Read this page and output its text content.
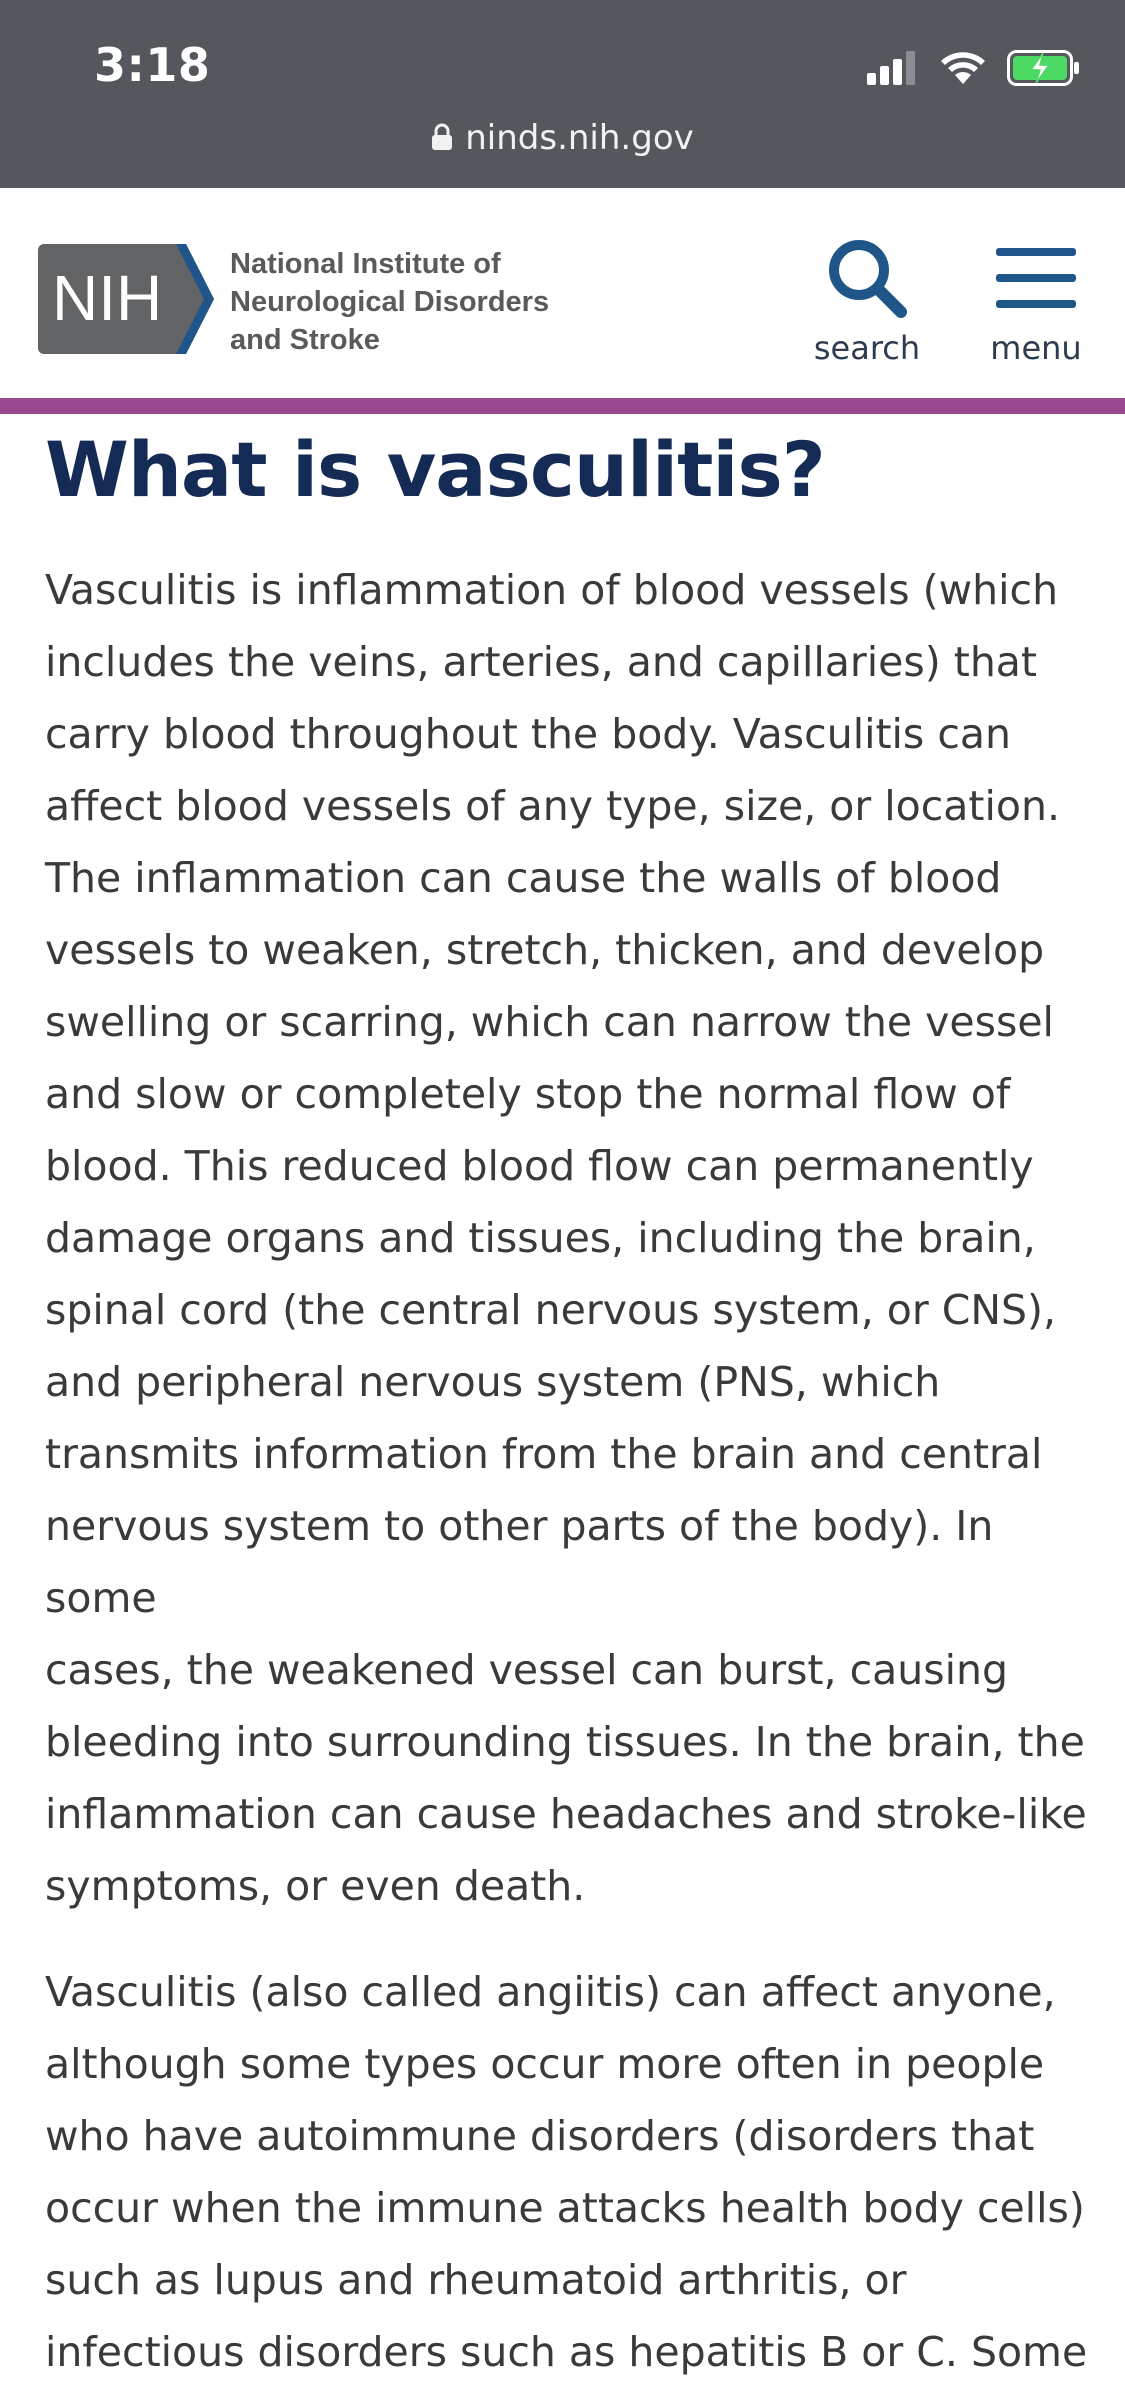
3:18
ninds.nih.gov
NIH National Institute of
Neurological Disorders
and Stroke	search menu
What is vasculitis?

Vasculitis is inflammation of blood vessels (which
includes the veins, arteries, and capillaries) that
carry blood throughout the body. Vasculitis can
affect blood vessels of any type, size, or location.
The inflammation can cause the walls of blood
vessels to weaken, stretch, thicken, and develop
swelling or scarring, which can narrow the vessel
and slow or completely stop the normal flow of
blood. This reduced blood flow can permanently
damage organs and tissues, including the brain,
spinal cord (the central nervous system, or CNS),
and peripheral nervous system (PNS, which
transmits information from the brain and central
nervous system to other parts of the body). In some
cases, the weakened vessel can burst, causing
bleeding into surrounding tissues. In the brain, the
inflammation can cause headaches and stroke-like
symptoms, or even death.

Vasculitis (also called angiitis) can affect anyone,
although some types occur more often in people
who have autoimmune disorders (disorders that
occur when the immune attacks health body cells)
such as lupus and rheumatoid arthritis, or
infectious disorders such as hepatitis B or C. Some
